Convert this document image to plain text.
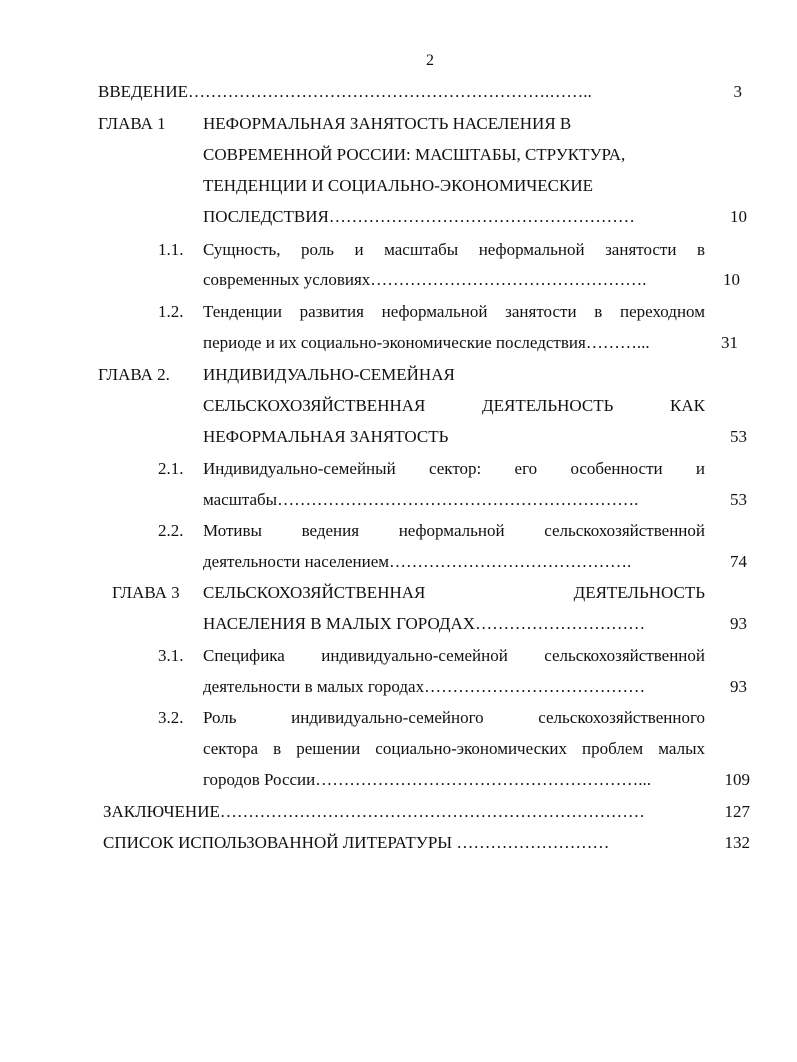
2
ВВЕДЕНИЕ……………………………………………………….……..	3
ГЛАВА 1 НЕФОРМАЛЬНАЯ ЗАНЯТОСТЬ НАСЕЛЕНИЯ В
СОВРЕМЕННОЙ РОССИИ: МАСШТАБЫ, СТРУКТУРА,
ТЕНДЕНЦИИ И СОЦИАЛЬНО-ЭКОНОМИЧЕСКИЕ
ПОСЛЕДСТВИЯ………………………………………………	10
1.1. Сущность, роль и масштабы неформальной занятости в
современных условиях………………………………………….	10
1.2. Тенденции развития неформальной занятости в переходном
периоде и их социально-экономические последствия………...	31
ГЛАВА 2. ИНДИВИДУАЛЬНО-СЕМЕЙНАЯ
СЕЛЬСКОХОЗЯЙСТВЕННАЯ ДЕЯТЕЛЬНОСТЬ КАК
НЕФОРМАЛЬНАЯ ЗАНЯТОСТЬ	53
2.1. Индивидуально-семейный сектор: его особенности и
масштабы……………………………………………………….	53
2.2. Мотивы ведения неформальной сельскохозяйственной
деятельности населением…………………………………….	74
ГЛАВА 3 СЕЛЬСКОХОЗЯЙСТВЕННАЯ ДЕЯТЕЛЬНОСТЬ
НАСЕЛЕНИЯ В МАЛЫХ ГОРОДАХ…………………………	93
3.1. Специфика индивидуально-семейной сельскохозяйственной
деятельности в малых городах…………………………………	93
3.2. Роль индивидуально-семейного сельскохозяйственного
сектора в решении социально-экономических проблем малых
городов России…………………………………………………...	109
ЗАКЛЮЧЕНИЕ…………………………………………………………………	127
СПИСОК ИСПОЛЬЗОВАННОЙ ЛИТЕРАТУРЫ ………………………	132
